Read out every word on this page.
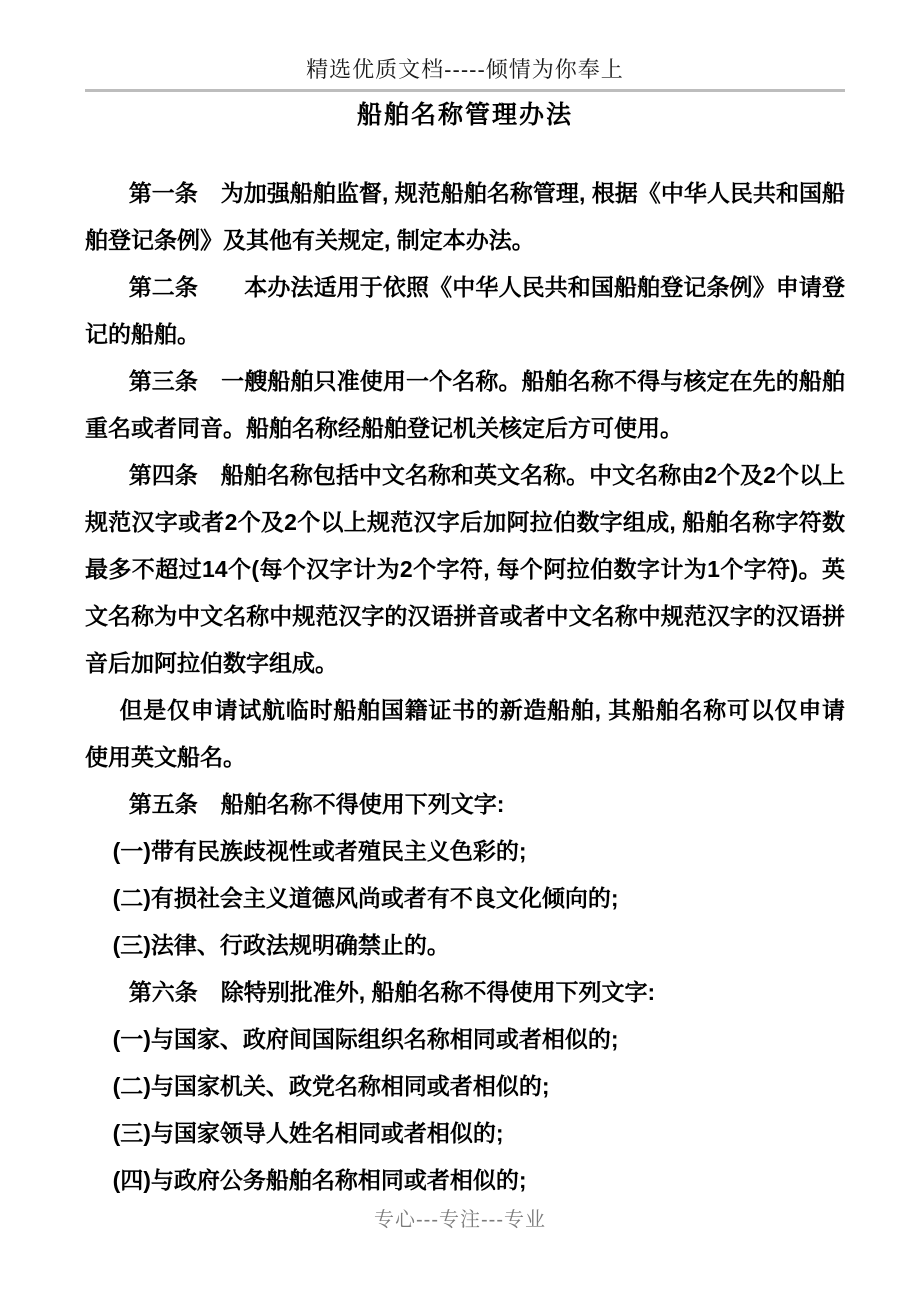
精选优质文档-----倾情为你奉上
船舶名称管理办法

第一条　为加强船舶监督, 规范船舶名称管理, 根据《中华人民共和国船舶登记条例》及其他有关规定, 制定本办法。

第二条　　本办法适用于依照《中华人民共和国船舶登记条例》申请登记的船舶。

第三条　一艘船舶只准使用一个名称。船舶名称不得与核定在先的船舶重名或者同音。船舶名称经船舶登记机关核定后方可使用。

第四条　船舶名称包括中文名称和英文名称。中文名称由2个及2个以上规范汉字或者2个及2个以上规范汉字后加阿拉伯数字组成, 船舶名称字符数最多不超过14个(每个汉字计为2个字符, 每个阿拉伯数字计为1个字符)。英文名称为中文名称中规范汉字的汉语拼音或者中文名称中规范汉字的汉语拼音后加阿拉伯数字组成。

但是仅申请试航临时船舶国籍证书的新造船舶, 其船舶名称可以仅申请使用英文船名。

第五条　船舶名称不得使用下列文字:

(一)带有民族歧视性或者殖民主义色彩的;

(二)有损社会主义道德风尚或者有不良文化倾向的;

(三)法律、行政法规明确禁止的。

第六条　除特别批准外, 船舶名称不得使用下列文字:

(一)与国家、政府间国际组织名称相同或者相似的;

(二)与国家机关、政党名称相同或者相似的;

(三)与国家领导人姓名相同或者相似的;

(四)与政府公务船舶名称相同或者相似的;

专心---专注---专业
